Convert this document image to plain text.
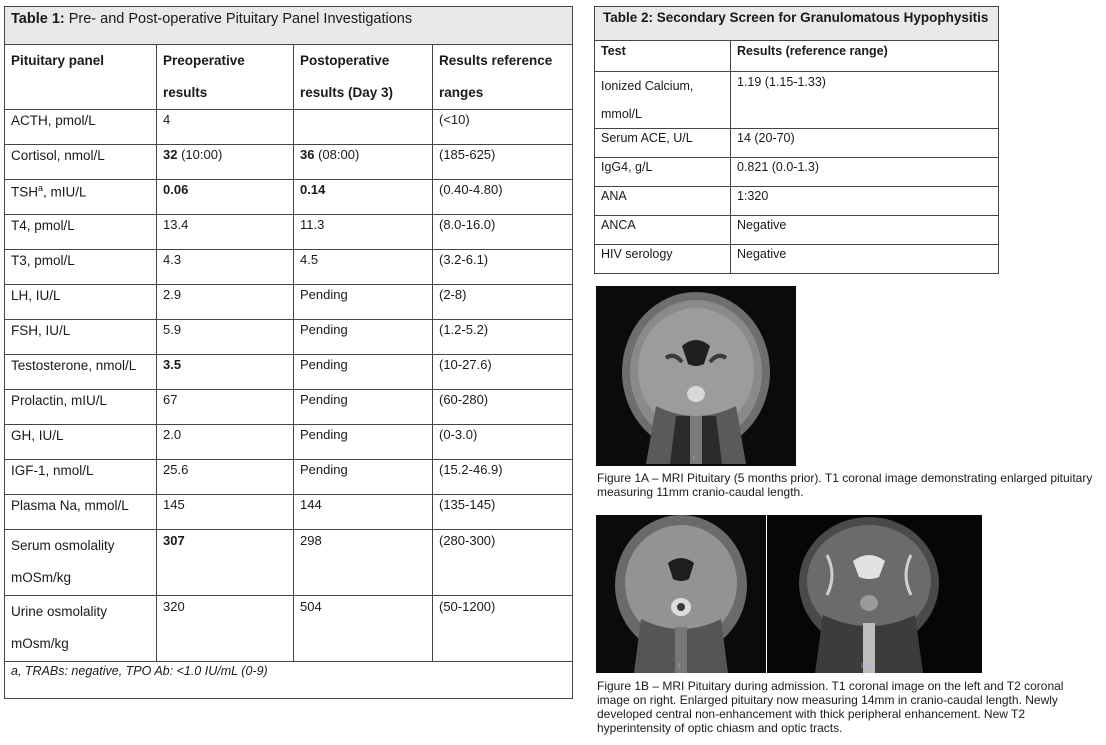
Table 1: Pre- and Post-operative Pituitary Panel Investigations			
Pituitary panel	Preoperative results	Postoperative results (Day 3)	Results reference ranges
ACTH, pmol/L	4		(<10)
Cortisol, nmol/L	32 (10:00)	36 (08:00)	(185-625)
TSH$^a$, mIU/L	0.06	0.14	(0.40-4.80)
T4, pmol/L	13.4	11.3	(8.0-16.0)
T3, pmol/L	4.3	4.5	(3.2-6.1)
LH, IU/L	2.9	Pending	(2-8)
FSH, IU/L	5.9	Pending	(1.2-5.2)
Testosterone, nmol/L	3.5	Pending	(10-27.6)
Prolactin, mIU/L	67	Pending	(60-280)
GH, IU/L	2.0	Pending	(0-3.0)
IGF-1, nmol/L	25.6	Pending	(15.2-46.9)
Plasma Na, mmol/L	145	144	(135-145)
Serum osmolality mOSm/kg	307	298	(280-300)
Urine osmolality mOsm/kg	320	504	(50-1200)
a, TRABs: negative, TPO Ab: <1.0 IU/mL (0-9)			
Table 2: Secondary Screen for Granulomatous Hypophysitis	
Test	Results (reference range)
Ionized Calcium, mmol/L	1.19 (1.15-1.33)
Serum ACE, U/L	14 (20-70)
IgG4, g/L	0.821 (0.0-1.3)
ANA	1:320
ANCA	Negative
HIV serology	Negative
I
Figure 1A – MRI Pituitary (5 months prior). T1 coronal image demonstrating enlarged pituitary measuring 11mm cranio-caudal length.
I	IP
Figure 1B – MRI Pituitary during admission. T1 coronal image on the left and T2 coronal image on right. Enlarged pituitary now measuring 14mm in cranio-caudal length. Newly developed central non-enhancement with thick peripheral enhancement. New T2 hyperintensity of optic chiasm and optic tracts.
